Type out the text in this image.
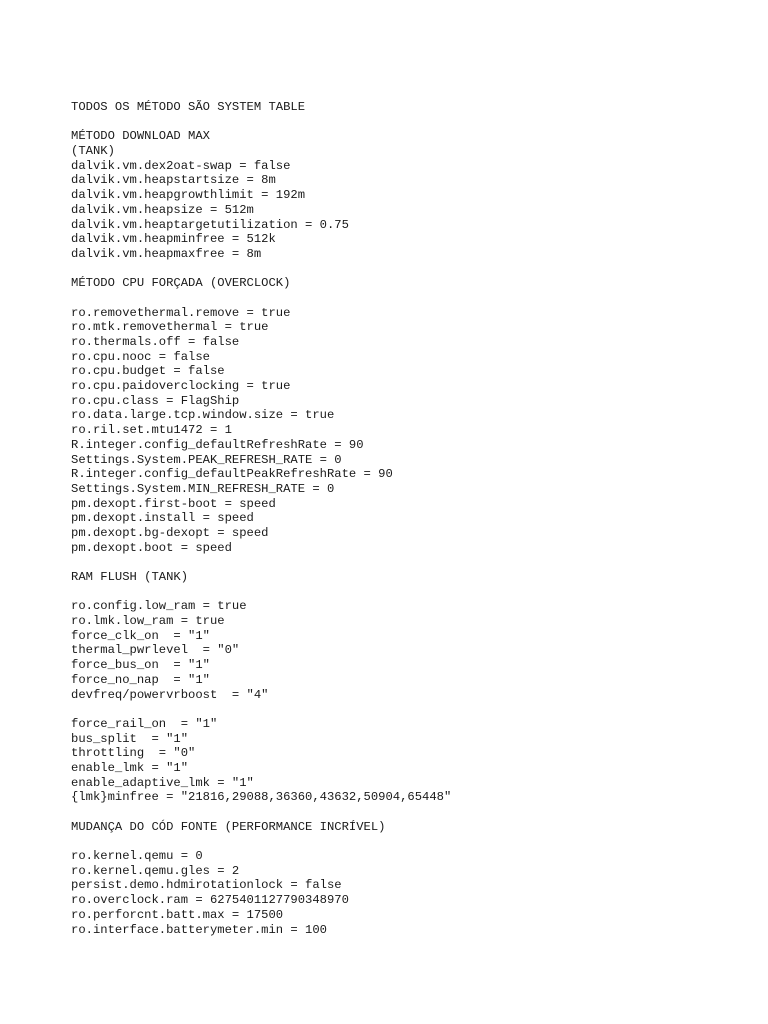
TODOS OS MÉTODO SÃO SYSTEM TABLE
MÉTODO DOWNLOAD MAX
(TANK)
dalvik.vm.dex2oat-swap = false
dalvik.vm.heapstartsize = 8m
dalvik.vm.heapgrowthlimit = 192m
dalvik.vm.heapsize = 512m
dalvik.vm.heaptargetutilization = 0.75
dalvik.vm.heapminfree = 512k
dalvik.vm.heapmaxfree = 8m
MÉTODO CPU FORÇADA (OVERCLOCK)
ro.removethermal.remove = true
ro.mtk.removethermal = true
ro.thermals.off = false
ro.cpu.nooc = false
ro.cpu.budget = false
ro.cpu.paidoverclocking = true
ro.cpu.class = FlagShip
ro.data.large.tcp.window.size = true
ro.ril.set.mtu1472 = 1
R.integer.config_defaultRefreshRate = 90
Settings.System.PEAK_REFRESH_RATE = 0
R.integer.config_defaultPeakRefreshRate = 90
Settings.System.MIN_REFRESH_RATE = 0
pm.dexopt.first-boot = speed
pm.dexopt.install = speed
pm.dexopt.bg-dexopt = speed
pm.dexopt.boot = speed
RAM FLUSH (TANK)
ro.config.low_ram = true
ro.lmk.low_ram = true
force_clk_on  = "1"
thermal_pwrlevel  = "0"
force_bus_on  = "1"
force_no_nap  = "1"
devfreq/powervrboost  = "4"
force_rail_on  = "1"
bus_split  = "1"
throttling  = "0"
enable_lmk = "1"
enable_adaptive_lmk = "1"
{lmk}minfree = "21816,29088,36360,43632,50904,65448"
MUDANÇA DO CÓD FONTE (PERFORMANCE INCRÍVEL)
ro.kernel.qemu = 0
ro.kernel.qemu.gles = 2
persist.demo.hdmirotationlock = false
ro.overclock.ram = 6275401127790348970
ro.perforcnt.batt.max = 17500
ro.interface.batterymeter.min = 100
